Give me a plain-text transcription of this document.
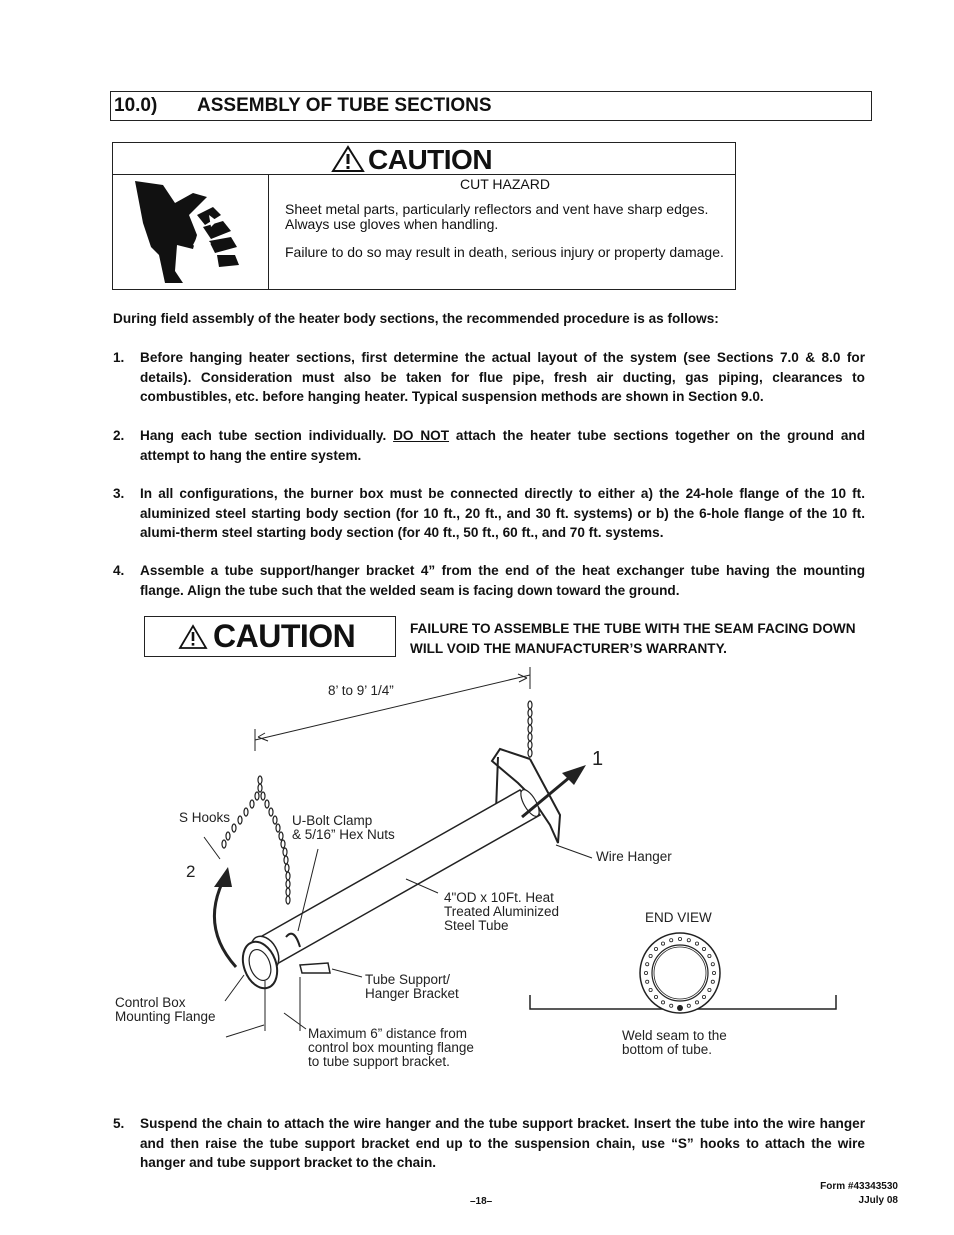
10.0) ASSEMBLY OF TUBE SECTIONS
CAUTION
CUT HAZARD

Sheet metal parts, particularly reflectors and vent have sharp edges. Always use gloves when handling.

Failure to do so may result in death, serious injury or property damage.

During field assembly of the heater body sections, the recommended procedure is as follows:
1. Before hanging heater sections, first determine the actual layout of the system (see Sections 7.0 & 8.0 for details). Consideration must also be taken for flue pipe, fresh air ducting, gas piping, clearances to combustibles, etc. before hanging heater. Typical suspension methods are shown in Section 9.0.
2. Hang each tube section individually. DO NOT attach the heater tube sections together on the ground and attempt to hang the entire system.
3. In all configurations, the burner box must be connected directly to either a) the 24-hole flange of the 10 ft. aluminized steel starting body section (for 10 ft., 20 ft., and 30 ft. systems) or b) the 6-hole flange of the 10 ft. alumi-therm steel starting body section (for 40 ft., 50 ft., 60 ft., and 70 ft. systems.
4. Assemble a tube support/hanger bracket 4” from the end of the heat exchanger tube having the mounting flange. Align the tube such that the welded seam is facing down toward the ground.
CAUTION	FAILURE TO ASSEMBLE THE TUBE WITH THE SEAM FACING DOWN WILL VOID THE MANUFACTURER’S WARRANTY.
8’ to 9’ 1/4”
1
2
S Hooks	U-Bolt Clamp
& 5/16” Hex Nuts
Wire Hanger
4"OD x 10Ft. Heat
Treated Aluminized
Steel Tube
END VIEW
Tube Support/
Hanger Bracket
Control Box
Mounting Flange
Maximum 6” distance from
control box mounting flange
to tube support bracket.
Weld seam to the
bottom of tube.
5. Suspend the chain to attach the wire hanger and the tube support bracket. Insert the tube into the wire hanger and then raise the tube support bracket end up to the suspension chain, use “S” hooks to attach the wire hanger and tube support bracket to the chain.
–18–
Form #43343530
JJuly 08
